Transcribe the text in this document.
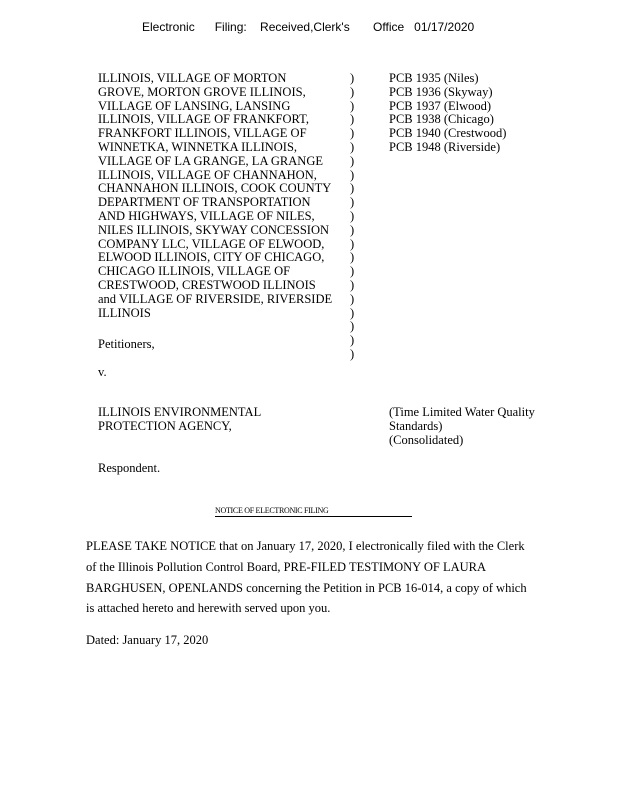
Electronic      Filing:    Received,Clerk's       Office   01/17/2020
ILLINOIS, VILLAGE OF MORTON
GROVE, MORTON GROVE ILLINOIS,
VILLAGE OF LANSING, LANSING
ILLINOIS, VILLAGE OF FRANKFORT,
FRANKFORT ILLINOIS, VILLAGE OF
WINNETKA, WINNETKA ILLINOIS,
VILLAGE OF LA GRANGE, LA GRANGE
ILLINOIS, VILLAGE OF CHANNAHON,
CHANNAHON ILLINOIS, COOK COUNTY
DEPARTMENT OF TRANSPORTATION
AND HIGHWAYS, VILLAGE OF NILES,
NILES ILLINOIS, SKYWAY CONCESSION
COMPANY LLC, VILLAGE OF ELWOOD,
ELWOOD ILLINOIS, CITY OF CHICAGO,
CHICAGO ILLINOIS, VILLAGE OF
CRESTWOOD, CRESTWOOD ILLINOIS
and VILLAGE OF RIVERSIDE, RIVERSIDE
ILLINOIS
)
)
)
)
)
)
)
)
)
)
)
)
)
)
)
)
)
)
)
)
)
PCB 1935 (Niles)
PCB 1936 (Skyway)
PCB 1937 (Elwood)
PCB 1938 (Chicago)
PCB 1940 (Crestwood)
PCB 1948 (Riverside)
Petitioners,
v.
ILLINOIS ENVIRONMENTAL
PROTECTION AGENCY,
(Time Limited Water Quality
Standards)
(Consolidated)
Respondent.
NOTICE OF ELECTRONIC FILING
PLEASE TAKE NOTICE that on January 17, 2020, I electronically filed with the Clerk
of the Illinois Pollution Control Board, PRE-FILED TESTIMONY OF LAURA
BARGHUSEN, OPENLANDS concerning the Petition in PCB 16-014, a copy of which
is attached hereto and herewith served upon you.
Dated: January 17, 2020
